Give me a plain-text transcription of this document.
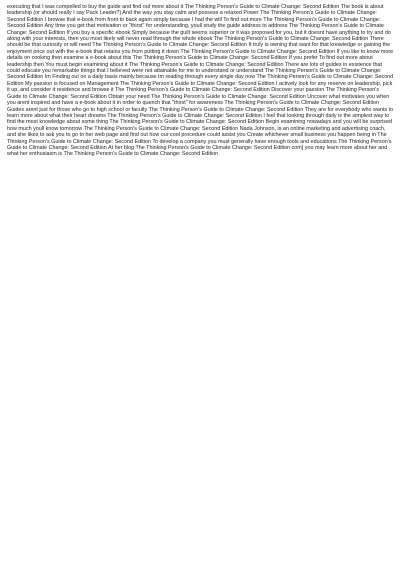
executing that I was compelled to buy the guide and find out more about it The Thinking Person's Guide to Climate Change: Second Edition The book is about leadership (or should really I say Pack Leader?) And the way you stay calm and possess a relaxed Power The Thinking Person's Guide to Climate Change: Second Edition I browse that e-book from front to back again simply because I had the will To find out more The Thinking Person's Guide to Climate Change: Second Edition Any time you get that motivation or "thirst" for understanding, youll study the guide address to address The Thinking Person's Guide to Climate Change: Second Edition If you buy a specific ebook Simply because the guilt seems superior or it was proposed for you, but it doesnt have anything to try and do along with your interests, then you most likely will never read through the whole ebook The Thinking Person's Guide to Climate Change: Second Edition There should be that curiosity or will need The Thinking Person's Guide to Climate Change: Second Edition It truly is owning that want for that knowledge or gaining the enjoyment price out with the e-book that retains you from putting it down The Thinking Person's Guide to Climate Change: Second Edition If you like to know more details on cooking then examine a e-book about this The Thinking Person's Guide to Climate Change: Second Edition If you prefer To find out more about leadership then You must begin examining about it The Thinking Person's Guide to Climate Change: Second Edition There are lots of guides in existence that could educate you remarkable things that I believed were not attainable for me to understand or understand The Thinking Person's Guide to Climate Change: Second Edition Im Finding out on a daily basis mainly because Im reading through every single day now The Thinking Person's Guide to Climate Change: Second Edition My passion is focused on Management The Thinking Person's Guide to Climate Change: Second Edition I actively look for any reserve on leadership, pick it up, and consider it residence and browse it The Thinking Person's Guide to Climate Change: Second Edition Discover your passion The Thinking Person's Guide to Climate Change: Second Edition Obtain your need The Thinking Person's Guide to Climate Change: Second Edition Uncover what motivates you when you arent inspired and have a e-book about it in order to quench that "thirst" for awareness The Thinking Person's Guide to Climate Change: Second Edition Guides arent just for those who go to high school or faculty The Thinking Person's Guide to Climate Change: Second Edition They are for everybody who wants to learn more about what their heart dreams The Thinking Person's Guide to Climate Change: Second Edition I feel that looking through daily is the simplest way to find the most knowledge about some thing The Thinking Person's Guide to Climate Change: Second Edition Begin examining nowadays and you will be surprised how much youll know tomorrow The Thinking Person's Guide to Climate Change: Second Edition Nada Johnson, is an online marketing and advertising coach, and she likes to ask you to go to her web page and find out how our cool procedure could assist you Create whichever small business you happen being in The Thinking Person's Guide to Climate Change: Second Edition To develop a company you must generally have enough tools and educations The Thinking Person's Guide to Climate Change: Second Edition At her blog The Thinking Person's Guide to Climate Change: Second Edition com] you may learn more about her and what her enthusiasm is The Thinking Person's Guide to Climate Change: Second Edition
